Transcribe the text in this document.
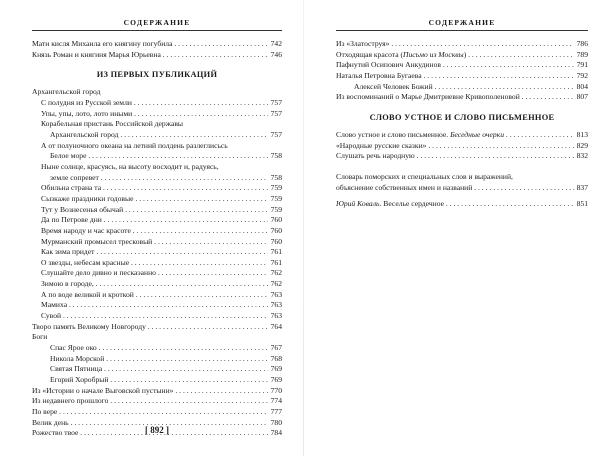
СОДЕРЖАНИЕ
Мати кисля Михаила его княгину погубила	742
. . .
Князь Роман и княгиня Марья Юрьевна	746
. . .
ИЗ ПЕРВЫХ ПУБЛИКАЦИЙ
Архангельской город
С полудня из Русской земли	757
. . .
Упы, упы, лото, лото иными	757
. . .
Корабельная пристань Российской державы
Архангельской город	757
. . .
А от полуночного океана на летний полдень разлеглисьсь
Белое море	758
. . .
Ныне солнце, красуясь, на высоту восходит и, радуясь,
земле сопревет	758
. . .
Обильна страна та	759
. . .
Сызкаже праздники годовые	759
. . .
Тут у Вознесенья обычай	759
. . .
Да по Петрове дни	760
. . .
Время народу и час красоте	760
. . .
Мурманский промысел тресковый	760
. . .
Как зима придет	761
. . .
О звезды, небесам красные	761
. . .
Слушайте дело дивно и пескаэанно	762
. . .
Зимою в городе,	762
. . .
А по воде великой и кроткой	763
. . .
Мамиха	763
. . .
Сувой	763
. . .
Творо память Великому Новгороду	764
. . .
Боги
Спас Ярое око	767
. . .
Никола Морской	768
. . .
Святая Пятница	769
. . .
Егорий Хоробрый	769
. . .
Из «Истории о начале Выговской пустыни»	770
. . .
Из недавнего прошлого	774
. . .
По вере	777
. . .
Велик день	780
. . .
Рожество твое	784
. . .
[ 892 ]
СОДЕРЖАНИЕ
Из «Златоструя»	786
. . .
Отходящая красота (Письмо из Москвы)	789
. . .
Пафнутий Осипович Анкудинов	791
. . .
Наталья Петровна Бугаева	792
. . .
Алексей Человек Божий	804
. . .
Из воспоминаний о Марье Дмитриевне Кривополеновой	807
. . .
СЛОВО УСТНОЕ И СЛОВО ПИСЬМЕННОЕ
Слово устное и слово письменное. Беседные очерки	813
. . .
«Народные русские сказки»	829
. . .
Слушать речь народную	832
. . .
Словарь поморских и специальных слов и выражений,
объяснение собственных имен и названий	837
. . .
Юрий Коваль. Веселье сердечное	851
. . .
